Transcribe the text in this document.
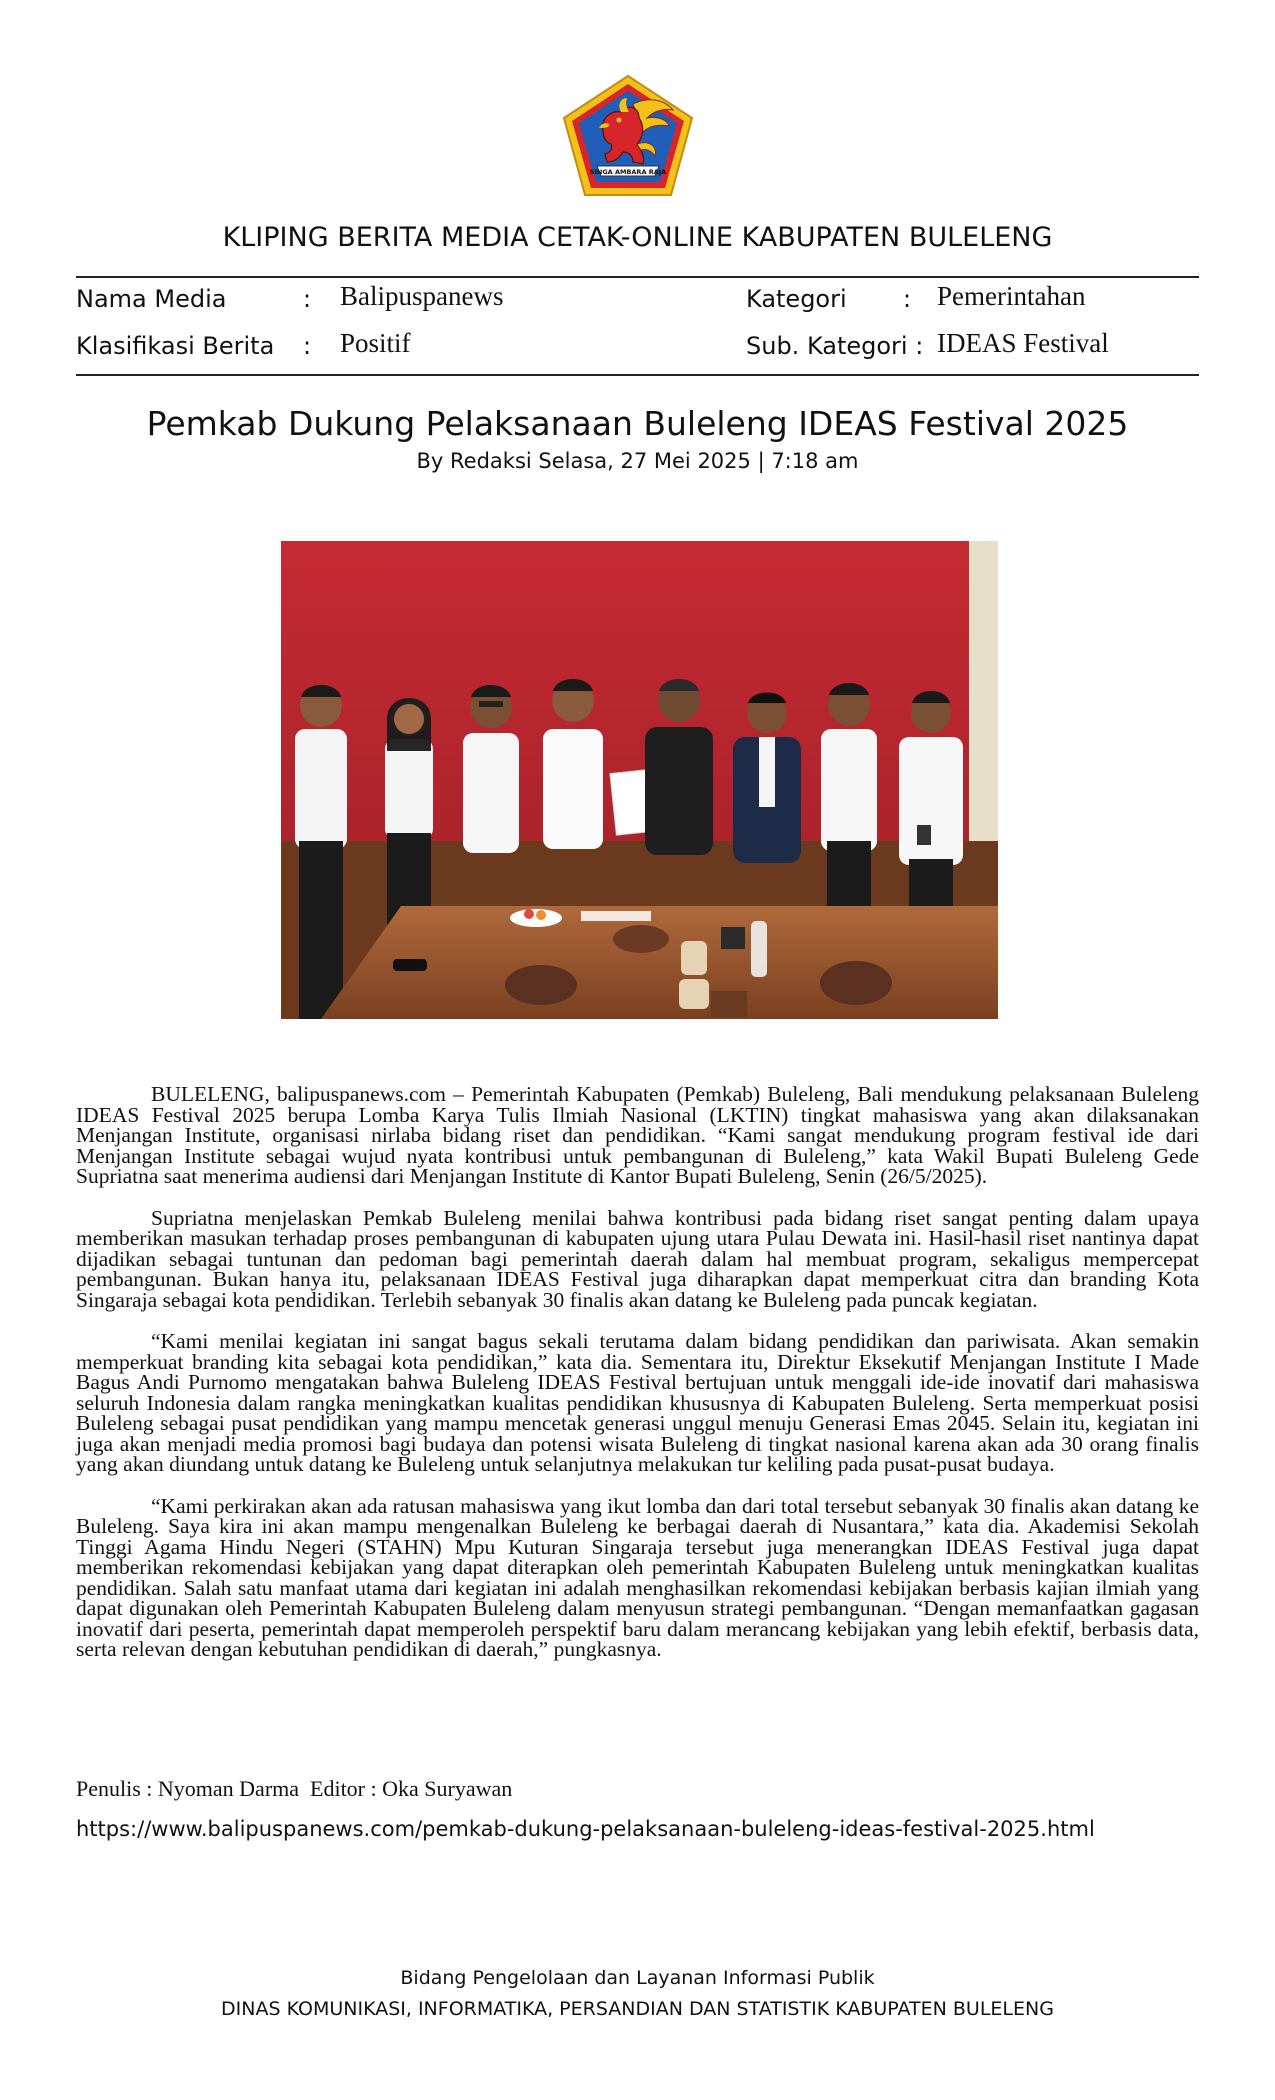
SINGA AMBARA RAJA
KLIPING BERITA MEDIA CETAK-ONLINE KABUPATEN BULELENG
Nama Media	: Balipuspanews
Klasifikasi Berita : Positif
Kategori : Pemerintahan
Sub. Kategori : IDEAS Festival
Pemkab Dukung Pelaksanaan Buleleng IDEAS Festival 2025
By Redaksi Selasa, 27 Mei 2025 | 7:18 am

BULELENG, balipuspanews.com – Pemerintah Kabupaten (Pemkab) Buleleng, Bali mendukung pelaksanaan Buleleng IDEAS Festival 2025 berupa Lomba Karya Tulis Ilmiah Nasional (LKTIN) tingkat mahasiswa yang akan dilaksanakan Menjangan Institute, organisasi nirlaba bidang riset dan pendidikan. “Kami sangat mendukung program festival ide dari Menjangan Institute sebagai wujud nyata kontribusi untuk pembangunan di Buleleng,” kata Wakil Bupati Buleleng Gede Supriatna saat menerima audiensi dari Menjangan Institute di Kantor Bupati Buleleng, Senin (26/5/2025).

Supriatna menjelaskan Pemkab Buleleng menilai bahwa kontribusi pada bidang riset sangat penting dalam upaya memberikan masukan terhadap proses pembangunan di kabupaten ujung utara Pulau Dewata ini. Hasil-hasil riset nantinya dapat dijadikan sebagai tuntunan dan pedoman bagi pemerintah daerah dalam hal membuat program, sekaligus mempercepat pembangunan. Bukan hanya itu, pelaksanaan IDEAS Festival juga diharapkan dapat memperkuat citra dan branding Kota Singaraja sebagai kota pendidikan. Terlebih sebanyak 30 finalis akan datang ke Buleleng pada puncak kegiatan.

“Kami menilai kegiatan ini sangat bagus sekali terutama dalam bidang pendidikan dan pariwisata. Akan semakin memperkuat branding kita sebagai kota pendidikan,” kata dia. Sementara itu, Direktur Eksekutif Menjangan Institute I Made Bagus Andi Purnomo mengatakan bahwa Buleleng IDEAS Festival bertujuan untuk menggali ide-ide inovatif dari mahasiswa seluruh Indonesia dalam rangka meningkatkan kualitas pendidikan khususnya di Kabupaten Buleleng. Serta memperkuat posisi Buleleng sebagai pusat pendidikan yang mampu mencetak generasi unggul menuju Generasi Emas 2045. Selain itu, kegiatan ini juga akan menjadi media promosi bagi budaya dan potensi wisata Buleleng di tingkat nasional karena akan ada 30 orang finalis yang akan diundang untuk datang ke Buleleng untuk selanjutnya melakukan tur keliling pada pusat-pusat budaya.

“Kami perkirakan akan ada ratusan mahasiswa yang ikut lomba dan dari total tersebut sebanyak 30 finalis akan datang ke Buleleng. Saya kira ini akan mampu mengenalkan Buleleng ke berbagai daerah di Nusantara,” kata dia. Akademisi Sekolah Tinggi Agama Hindu Negeri (STAHN) Mpu Kuturan Singaraja tersebut juga menerangkan IDEAS Festival juga dapat memberikan rekomendasi kebijakan yang dapat diterapkan oleh pemerintah Kabupaten Buleleng untuk meningkatkan kualitas pendidikan. Salah satu manfaat utama dari kegiatan ini adalah menghasilkan rekomendasi kebijakan berbasis kajian ilmiah yang dapat digunakan oleh Pemerintah Kabupaten Buleleng dalam menyusun strategi pembangunan. “Dengan memanfaatkan gagasan inovatif dari peserta, pemerintah dapat memperoleh perspektif baru dalam merancang kebijakan yang lebih efektif, berbasis data, serta relevan dengan kebutuhan pendidikan di daerah,” pungkasnya.

Penulis : Nyoman Darma  Editor : Oka Suryawan
https://www.balipuspanews.com/pemkab-dukung-pelaksanaan-buleleng-ideas-festival-2025.html
Bidang Pengelolaan dan Layanan Informasi Publik
DINAS KOMUNIKASI, INFORMATIKA, PERSANDIAN DAN STATISTIK KABUPATEN BULELENG
